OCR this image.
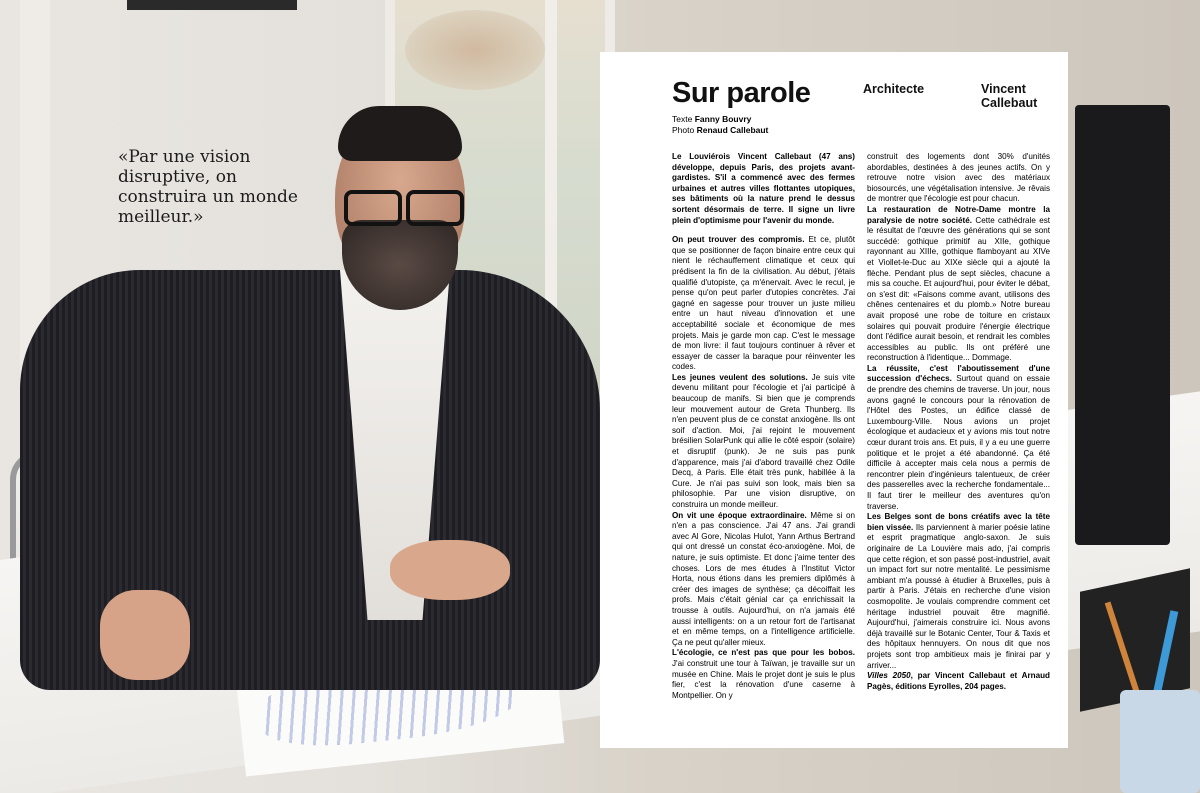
«Par une vision disruptive, on construira un monde meilleur.»
Sur parole	Architecte	Vincent Callebaut
Texte Fanny Bouvry
Photo Renaud Callebaut

Le Louviérois Vincent Callebaut (47 ans) développe, depuis Paris, des projets avant-gardistes. S'il a commencé avec des fermes urbaines et autres villes flottantes utopiques, ses bâtiments où la nature prend le dessus sortent désormais de terre. Il signe un livre plein d'optimisme pour l'avenir du monde.

On peut trouver des compromis. Et ce, plutôt que se positionner de façon binaire entre ceux qui nient le réchauffement climatique et ceux qui prédisent la fin de la civilisation. Au début, j'étais qualifié d'utopiste, ça m'énervait. Avec le recul, je pense qu'on peut parler d'utopies concrètes. J'ai gagné en sagesse pour trouver un juste milieu entre un haut niveau d'innovation et une acceptabilité sociale et économique de mes projets. Mais je garde mon cap. C'est le message de mon livre: il faut toujours continuer à rêver et essayer de casser la baraque pour réinventer les codes.

Les jeunes veulent des solutions. Je suis vite devenu militant pour l'écologie et j'ai participé à beaucoup de manifs. Si bien que je comprends leur mouvement autour de Greta Thunberg. Ils n'en peuvent plus de ce constat anxiogène. Ils ont soif d'action. Moi, j'ai rejoint le mouvement brésilien SolarPunk qui allie le côté espoir (solaire) et disruptif (punk). Je ne suis pas punk d'apparence, mais j'ai d'abord travaillé chez Odile Decq, à Paris. Elle était très punk, habillée à la Cure. Je n'ai pas suivi son look, mais bien sa philosophie. Par une vision disruptive, on construira un monde meilleur.

On vit une époque extraordinaire. Même si on n'en a pas conscience. J'ai 47 ans. J'ai grandi avec Al Gore, Nicolas Hulot, Yann Arthus Bertrand qui ont dressé un constat éco-anxiogène. Moi, de nature, je suis optimiste. Et donc j'aime tenter des choses. Lors de mes études à l'Institut Victor Horta, nous étions dans les premiers diplômés à créer des images de synthèse; ça décoiffait les profs. Mais c'était génial car ça enrichissait la trousse à outils. Aujourd'hui, on n'a jamais été aussi intelligents: on a un retour fort de l'artisanat et en même temps, on a l'intelligence artificielle. Ça ne peut qu'aller mieux.

L'écologie, ce n'est pas que pour les bobos. J'ai construit une tour à Taïwan, je travaille sur un musée en Chine. Mais le projet dont je suis le plus fier, c'est la rénovation d'une caserne à Montpellier. On y

construit des logements dont 30% d'unités abordables, destinées à des jeunes actifs. On y retrouve notre vision avec des matériaux biosourcés, une végétalisation intensive. Je rêvais de montrer que l'écologie est pour chacun.

La restauration de Notre-Dame montre la paralysie de notre société. Cette cathédrale est le résultat de l'œuvre des générations qui se sont succédé: gothique primitif au XIIe, gothique rayonnant au XIIIe, gothique flamboyant au XIVe et Viollet-le-Duc au XIXe siècle qui a ajouté la flèche. Pendant plus de sept siècles, chacune a mis sa couche. Et aujourd'hui, pour éviter le débat, on s'est dit: «Faisons comme avant, utilisons des chênes centenaires et du plomb.» Notre bureau avait proposé une robe de toiture en cristaux solaires qui pouvait produire l'énergie électrique dont l'édifice aurait besoin, et rendrait les combles accessibles au public. Ils ont préféré une reconstruction à l'identique... Dommage.

La réussite, c'est l'aboutissement d'une succession d'échecs. Surtout quand on essaie de prendre des chemins de traverse. Un jour, nous avons gagné le concours pour la rénovation de l'Hôtel des Postes, un édifice classé de Luxembourg-Ville. Nous avions un projet écologique et audacieux et y avions mis tout notre cœur durant trois ans. Et puis, il y a eu une guerre politique et le projet a été abandonné. Ça été difficile à accepter mais cela nous a permis de rencontrer plein d'ingénieurs talentueux, de créer des passerelles avec la recherche fondamentale... Il faut tirer le meilleur des aventures qu'on traverse.

Les Belges sont de bons créatifs avec la tête bien vissée. Ils parviennent à marier poésie latine et esprit pragmatique anglo-saxon. Je suis originaire de La Louvière mais ado, j'ai compris que cette région, et son passé post-industriel, avait un impact fort sur notre mentalité. Le pessimisme ambiant m'a poussé à étudier à Bruxelles, puis à partir à Paris. J'étais en recherche d'une vision cosmopolite. Je voulais comprendre comment cet héritage industriel pouvait être magnifié. Aujourd'hui, j'aimerais construire ici. Nous avons déjà travaillé sur le Botanic Center, Tour & Taxis et des hôpitaux hennuyers. On nous dit que nos projets sont trop ambitieux mais je finirai par y arriver...

Villes 2050, par Vincent Callebaut et Arnaud Pagès, éditions Eyrolles, 204 pages.
